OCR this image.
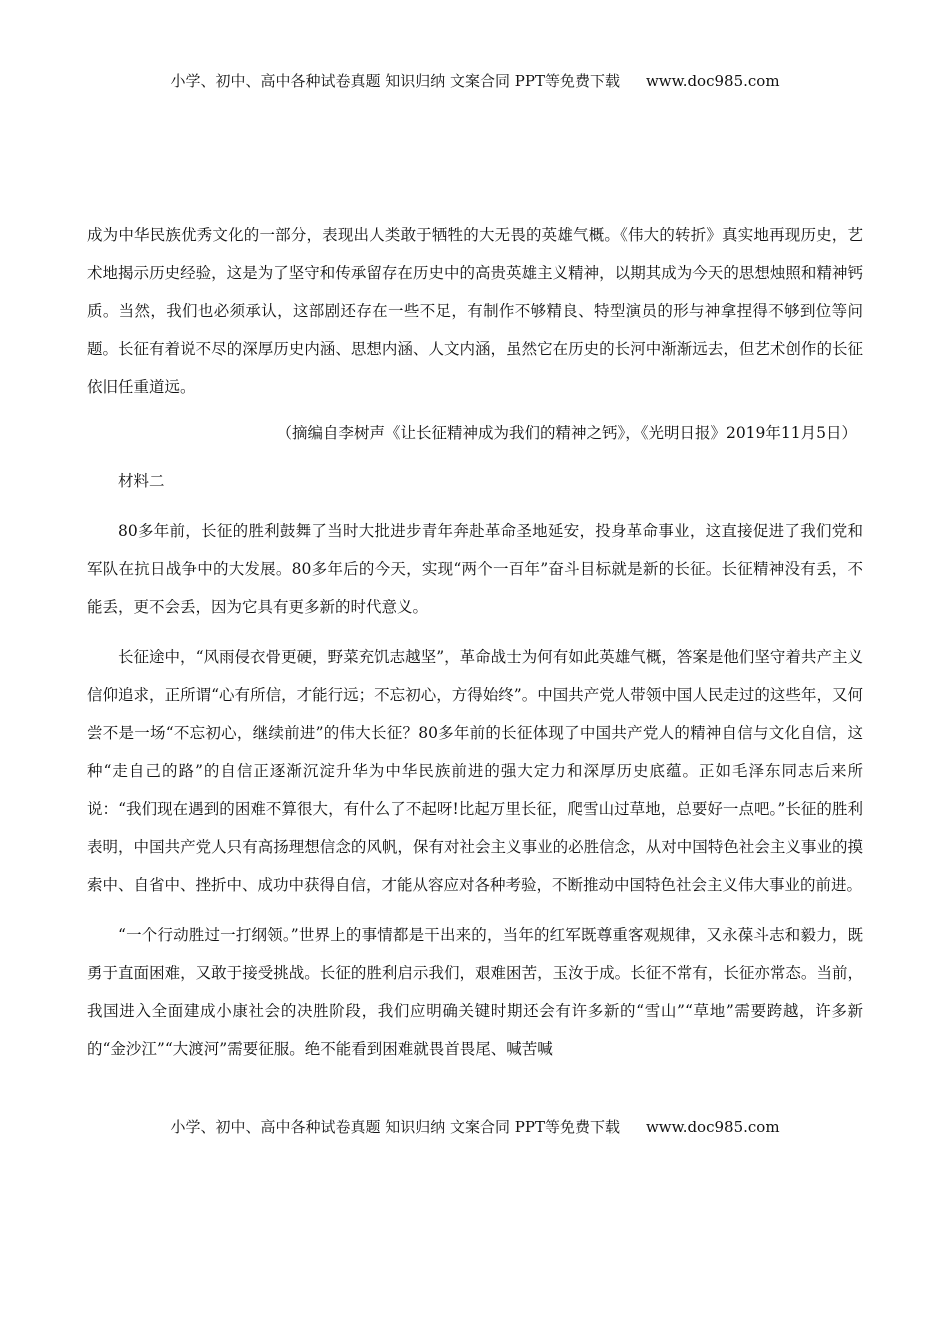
小学、初中、高中各种试卷真题 知识归纳 文案合同 PPT等免费下载 www.doc985.com

成为中华民族优秀文化的一部分，表现出人类敢于牺牲的大无畏的英雄气概。《伟大的转折》真实地再现历史，艺术地揭示历史经验，这是为了坚守和传承留存在历史中的高贵英雄主义精神，以期其成为今天的思想烛照和精神钙质。当然，我们也必须承认，这部剧还存在一些不足，有制作不够精良、特型演员的形与神拿捏得不够到位等问题。长征有着说不尽的深厚历史内涵、思想内涵、人文内涵，虽然它在历史的长河中渐渐远去，但艺术创作的长征依旧任重道远。

（摘编自李树声《让长征精神成为我们的精神之钙》，《光明日报》2019年11月5日）

材料二

80多年前，长征的胜利鼓舞了当时大批进步青年奔赴革命圣地延安，投身革命事业，这直接促进了我们党和军队在抗日战争中的大发展。80多年后的今天，实现“两个一百年”奋斗目标就是新的长征。长征精神没有丢，不能丢，更不会丢，因为它具有更多新的时代意义。

长征途中，“风雨侵衣骨更硬，野菜充饥志越坚”，革命战士为何有如此英雄气概，答案是他们坚守着共产主义信仰追求，正所谓“心有所信，才能行远；不忘初心，方得始终”。中国共产党人带领中国人民走过的这些年，又何尝不是一场“不忘初心，继续前进”的伟大长征？80多年前的长征体现了中国共产党人的精神自信与文化自信，这种“走自己的路”的自信正逐渐沉淀升华为中华民族前进的强大定力和深厚历史底蕴。正如毛泽东同志后来所说：“我们现在遇到的困难不算很大，有什么了不起呀!比起万里长征，爬雪山过草地，总要好一点吧。”长征的胜利表明，中国共产党人只有高扬理想信念的风帆，保有对社会主义事业的必胜信念，从对中国特色社会主义事业的摸索中、自省中、挫折中、成功中获得自信，才能从容应对各种考验，不断推动中国特色社会主义伟大事业的前进。

“一个行动胜过一打纲领。”世界上的事情都是干出来的，当年的红军既尊重客观规律，又永葆斗志和毅力，既勇于直面困难，又敢于接受挑战。长征的胜利启示我们，艰难困苦，玉汝于成。长征不常有，长征亦常态。当前，我国进入全面建成小康社会的决胜阶段，我们应明确关键时期还会有许多新的“雪山”“草地”需要跨越，许多新的“金沙江”“大渡河”需要征服。绝不能看到困难就畏首畏尾、喊苦喊

小学、初中、高中各种试卷真题 知识归纳 文案合同 PPT等免费下载 www.doc985.com
